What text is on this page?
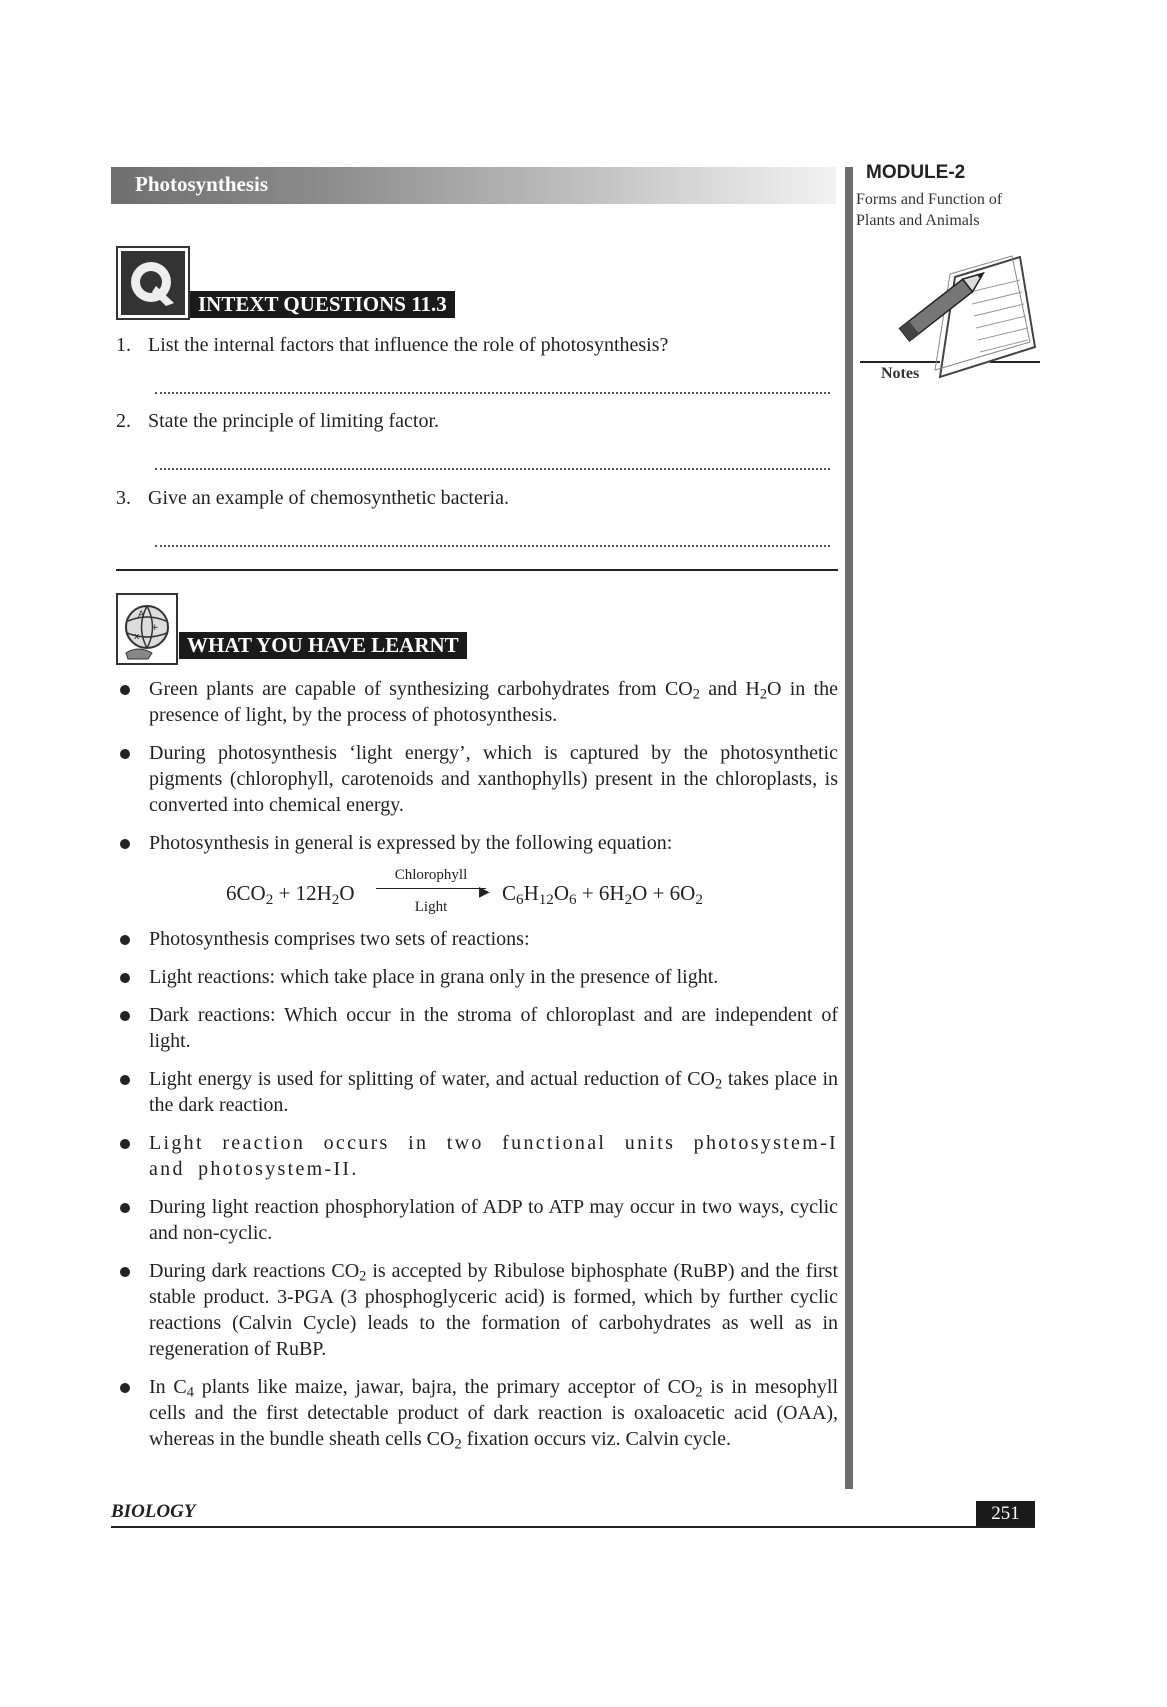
Photosynthesis	MODULE-2
Forms and Function of
Plants and Animals
Notes
INTEXT QUESTIONS 11.3
1. List the internal factors that influence the role of photosynthesis?
2. State the principle of limiting factor.
3. Give an example of chemosynthetic bacteria.
A
+
x	WHAT YOU HAVE LEARNT
Green plants are capable of synthesizing carbohydrates from $CO_2$ and $H_2O$ in the presence of light, by the process of photosynthesis.
During photosynthesis ‘light energy’, which is captured by the photosynthetic pigments (chlorophyll, carotenoids and xanthophylls) present in the chloroplasts, is converted into chemical energy.
Photosynthesis in general is expressed by the following equation:
$6CO_2 + 12H_2O$
Chlorophyll
▶
Light
$C_6H_{12}O_6 + 6H_2O + 6O_2$
Photosynthesis comprises two sets of reactions:
Light reactions: which take place in grana only in the presence of light.
Dark reactions: Which occur in the stroma of chloroplast and are independent of light.
Light energy is used for splitting of water, and actual reduction of $CO_2$ takes place in the dark reaction.
Light reaction occurs in two functional units photosystem-I and photosystem-II.
During light reaction phosphorylation of ADP to ATP may occur in two ways, cyclic and non-cyclic.
During dark reactions $CO_2$ is accepted by Ribulose biphosphate (RuBP) and the first stable product. 3-PGA (3 phosphoglyceric acid) is formed, which by further cyclic reactions (Calvin Cycle) leads to the formation of carbohydrates as well as in regeneration of RuBP.
In $C_4$ plants like maize, jawar, bajra, the primary acceptor of $CO_2$ is in mesophyll cells and the first detectable product of dark reaction is oxaloacetic acid (OAA), whereas in the bundle sheath cells $CO_2$ fixation occurs viz. Calvin cycle.
BIOLOGY	251
